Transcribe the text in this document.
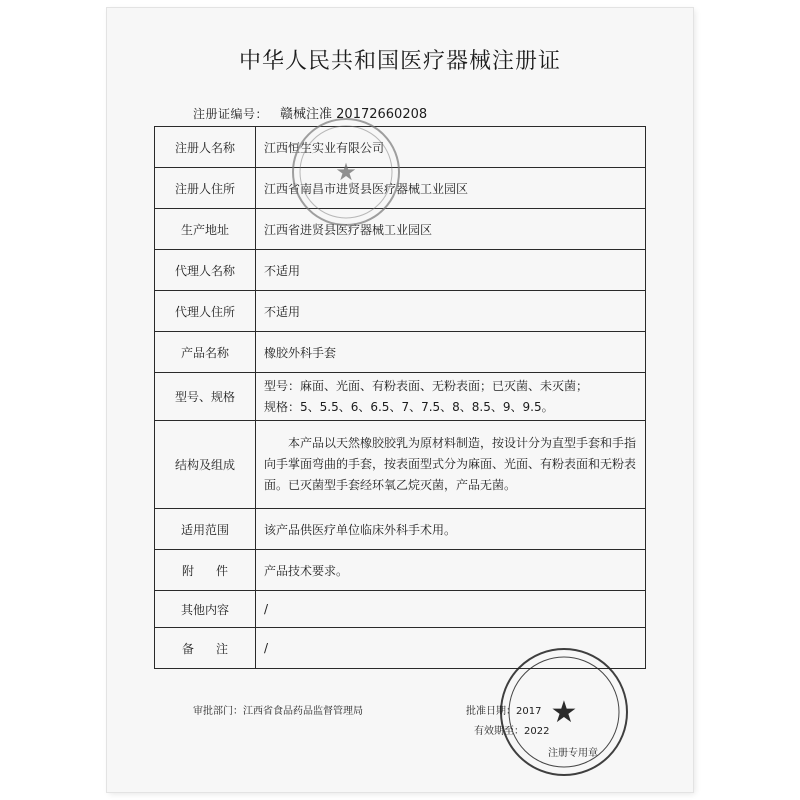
中华人民共和国医疗器械注册证
注册证编号： 赣械注准 20172660208
注册人名称	江西恒生实业有限公司
注册人住所	江西省南昌市进贤县医疗器械工业园区
生产地址	江西省进贤县医疗器械工业园区
代理人名称	不适用
代理人住所	不适用
产品名称	橡胶外科手套
型号、规格	型号：麻面、光面、有粉表面、无粉表面；已灭菌、未灭菌；
规格：5、5.5、6、6.5、7、7.5、8、8.5、9、9.5。

结构及组成	本产品以天然橡胶胶乳为原材料制造，按设计分为直型手套和手指向手掌面弯曲的手套，按表面型式分为麻面、光面、有粉表面和无粉表面。已灭菌型手套经环氧乙烷灭菌，产品无菌。
适用范围	该产品供医疗单位临床外科手术用。
附件	产品技术要求。
其他内容	/
备注	/
审批部门：江西省食品药品监督管理局	批准日期：2017
有效期至：2022
注册专用章
★
★
